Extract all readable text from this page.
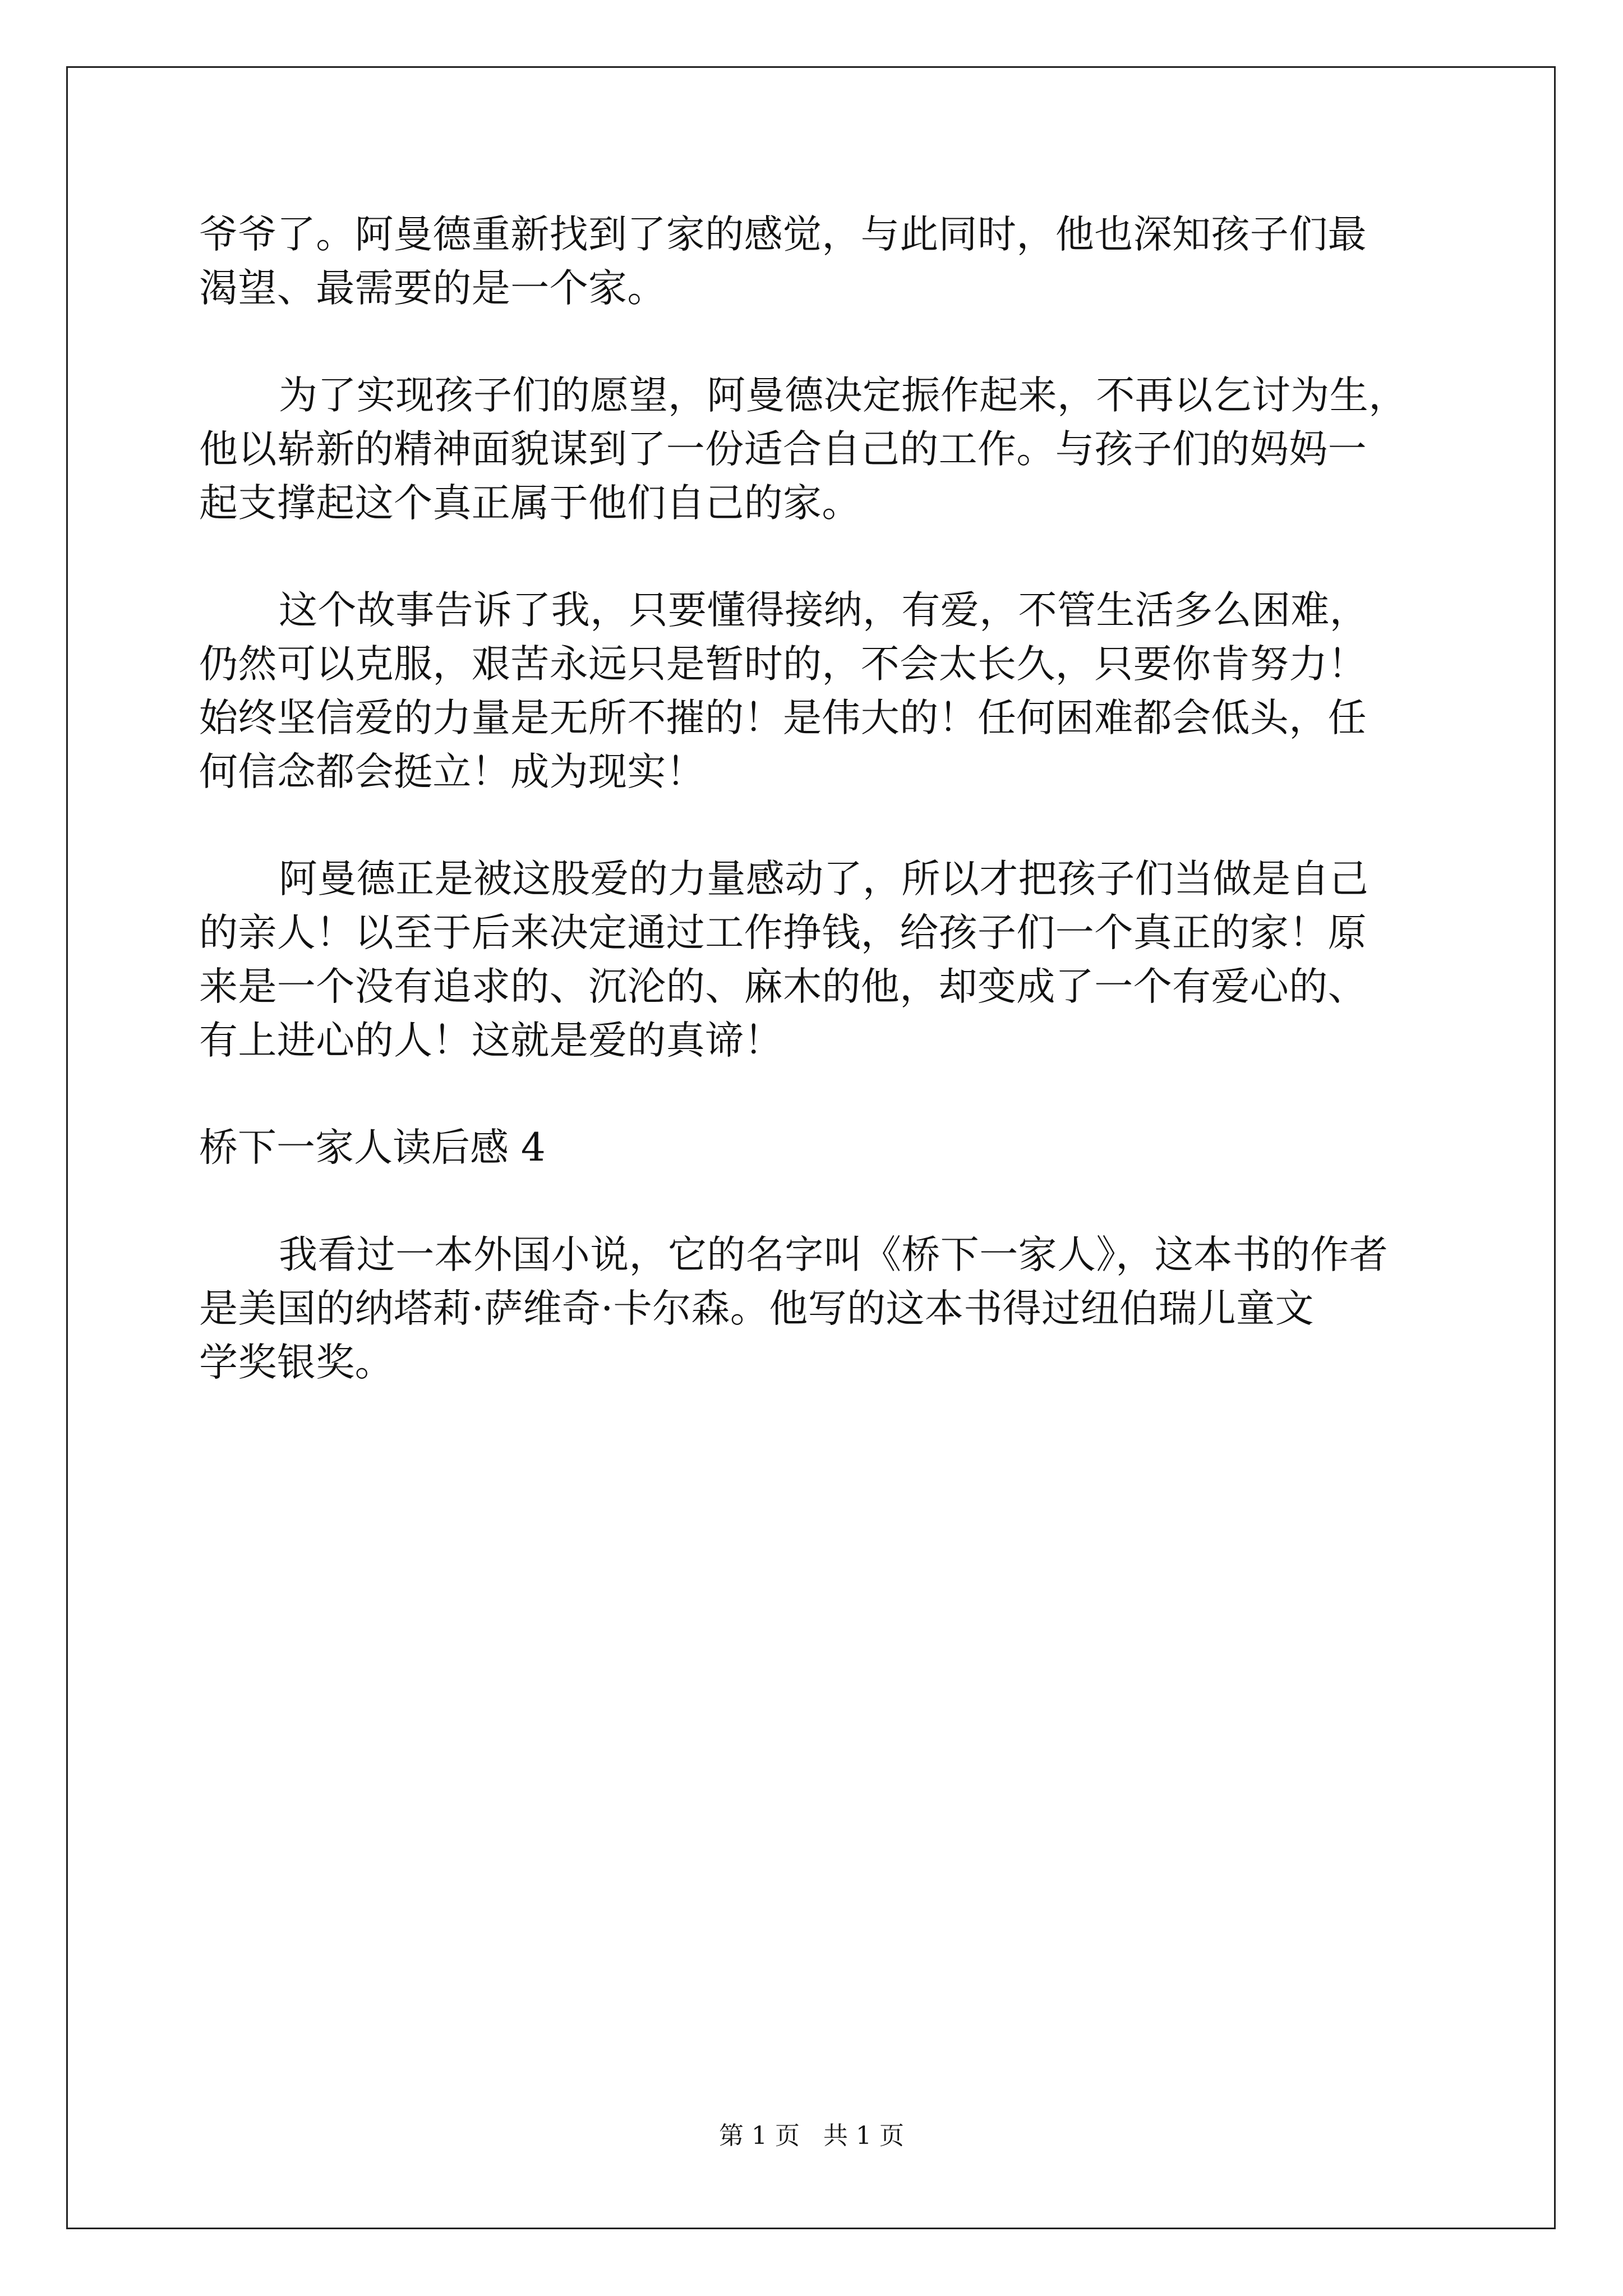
爷爷了。阿曼德重新找到了家的感觉，与此同时，他也深知孩子们最
渴望、最需要的是一个家。
为了实现孩子们的愿望，阿曼德决定振作起来，不再以乞讨为生，
他以崭新的精神面貌谋到了一份适合自己的工作。与孩子们的妈妈一
起支撑起这个真正属于他们自己的家。
这个故事告诉了我，只要懂得接纳，有爱，不管生活多么困难，
仍然可以克服，艰苦永远只是暂时的，不会太长久，只要你肯努力！
始终坚信爱的力量是无所不摧的！是伟大的！任何困难都会低头，任
何信念都会挺立！成为现实！
阿曼德正是被这股爱的力量感动了，所以才把孩子们当做是自己
的亲人！以至于后来决定通过工作挣钱，给孩子们一个真正的家！原
来是一个没有追求的、沉沦的、麻木的他，却变成了一个有爱心的、
有上进心的人！这就是爱的真谛！
桥下一家人读后感 4
我看过一本外国小说，它的名字叫《桥下一家人》，这本书的作者
是美国的纳塔莉·萨维奇·卡尔森。他写的这本书得过纽伯瑞儿童文
学奖银奖。
第 1 页   共 1 页
